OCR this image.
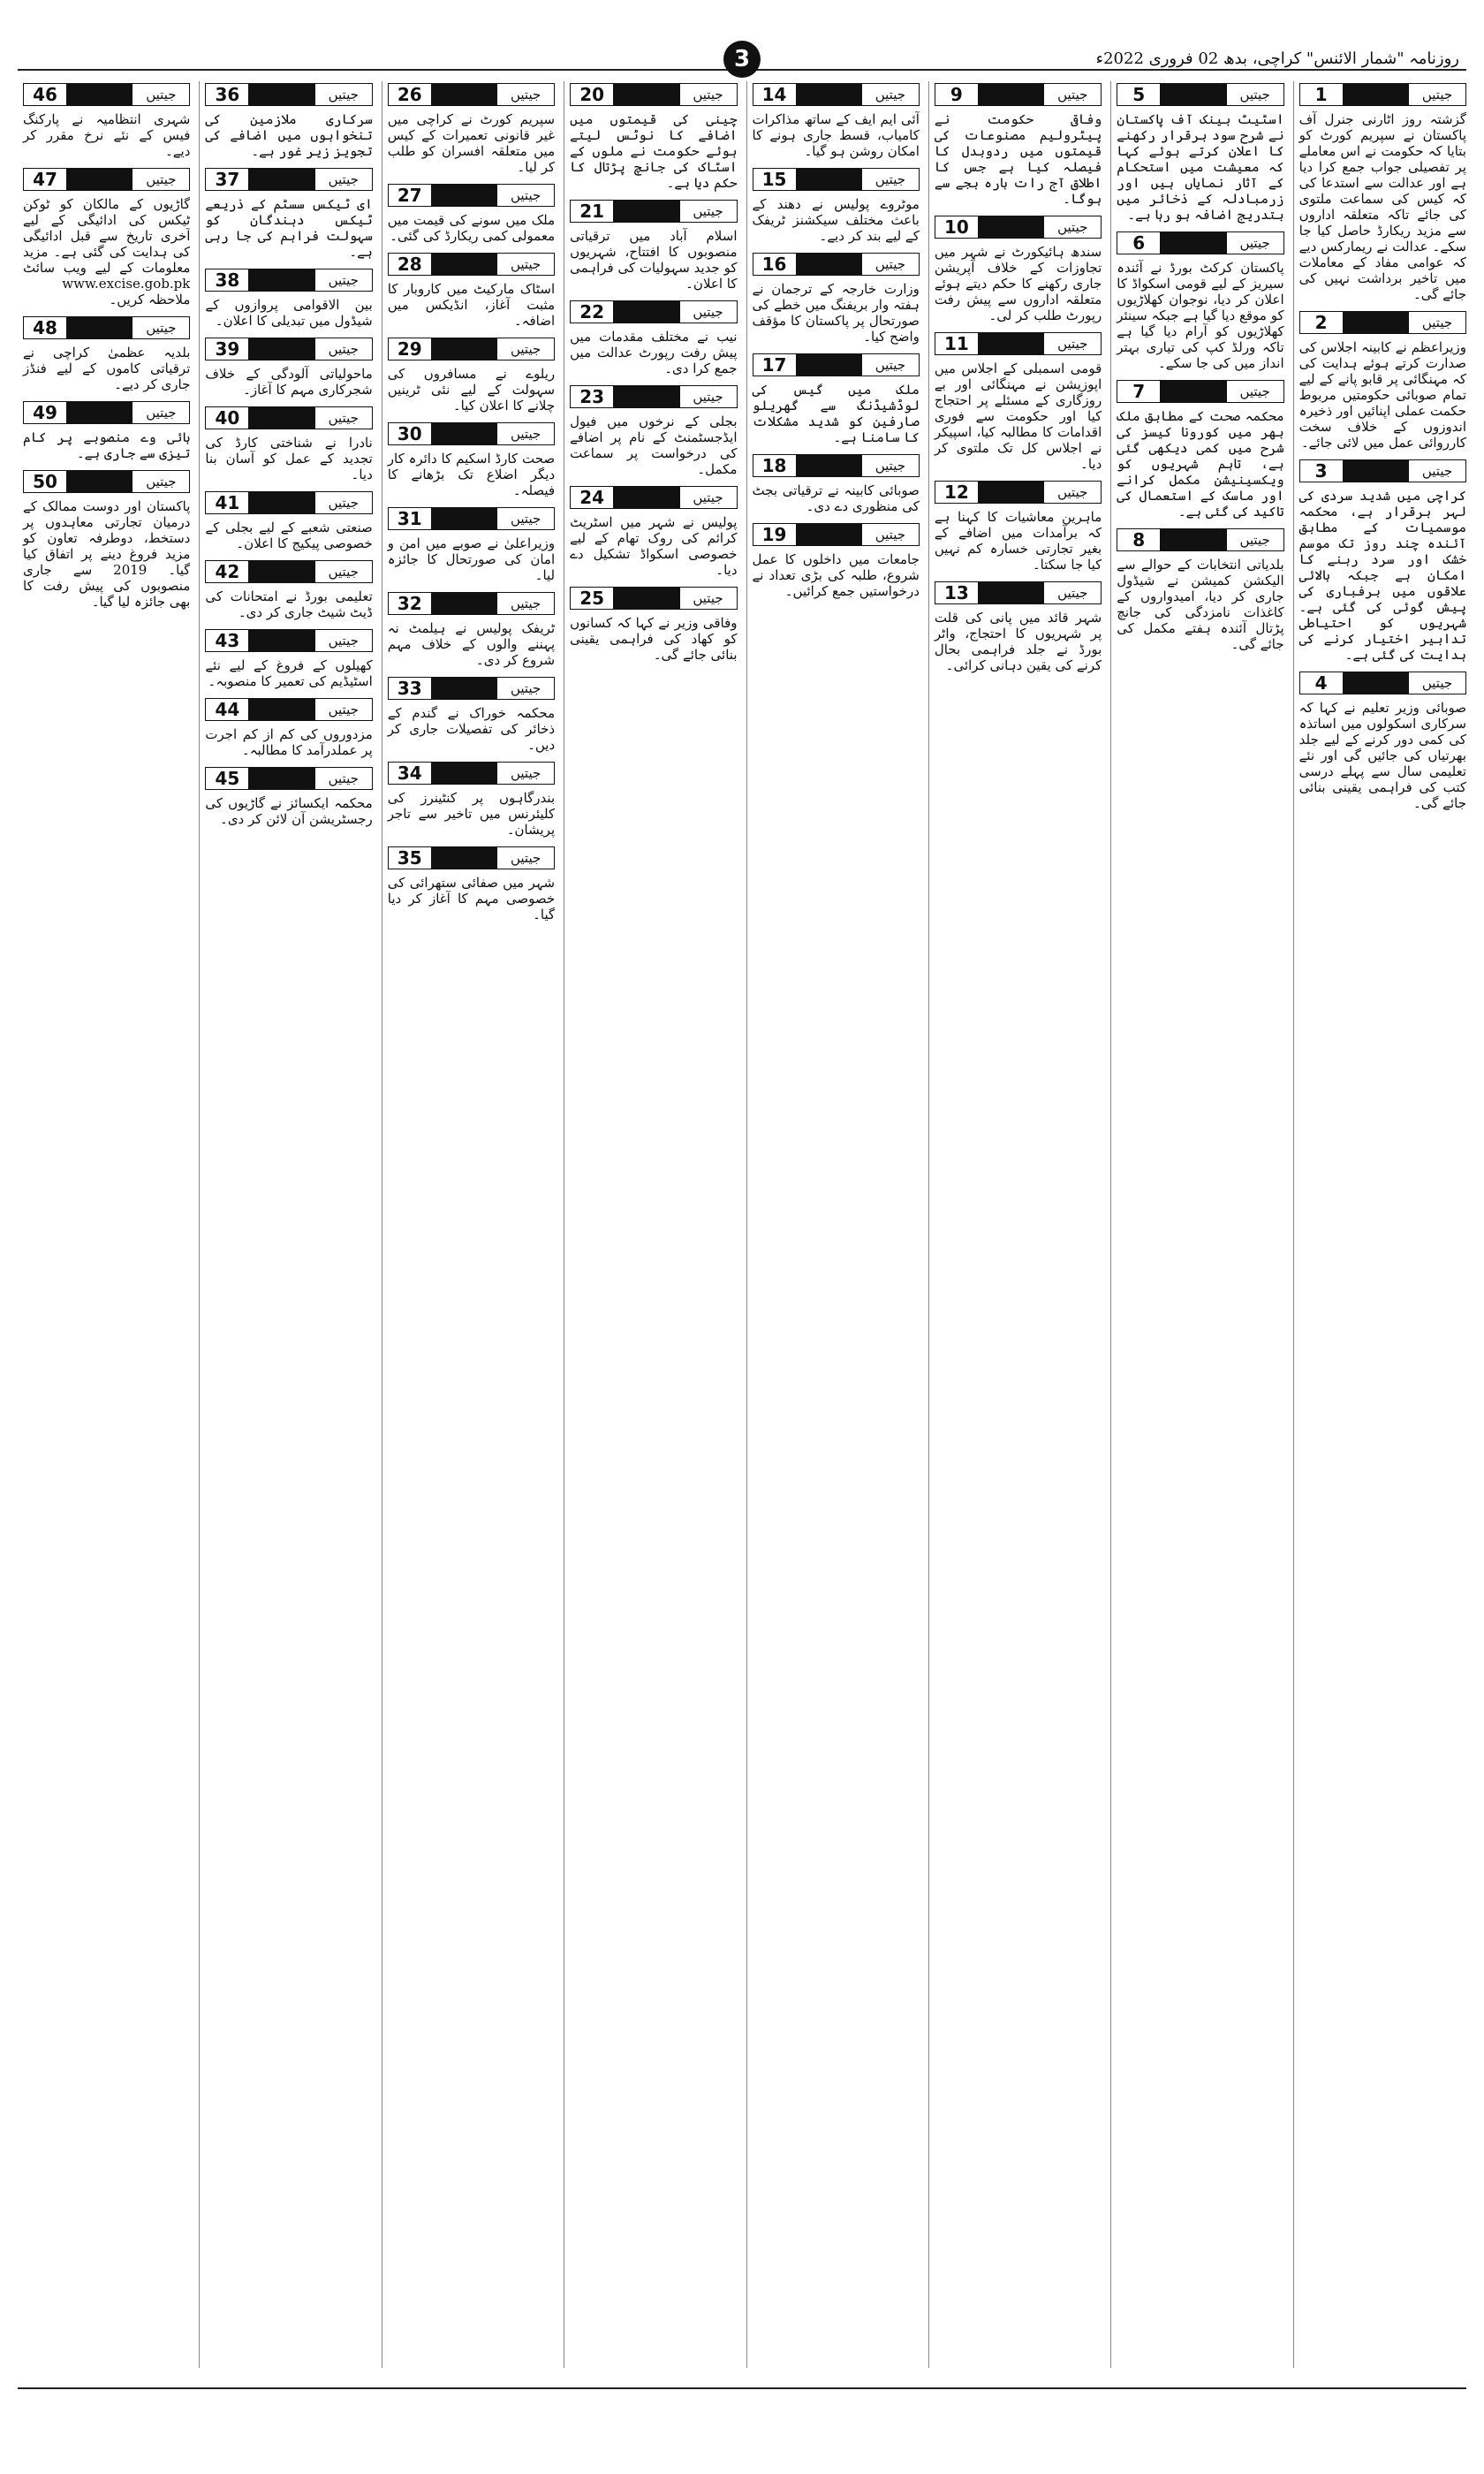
روزنامہ "شمار الائنس" کراچی، بدھ 02 فروری 2022ء
3
1	جیتیں

گزشتہ روز اٹارنی جنرل آف پاکستان نے سپریم کورٹ کو بتایا کہ حکومت نے اس معاملے پر تفصیلی جواب جمع کرا دیا ہے اور عدالت سے استدعا کی کہ کیس کی سماعت ملتوی کی جائے تاکہ متعلقہ اداروں سے مزید ریکارڈ حاصل کیا جا سکے۔ عدالت نے ریمارکس دیے کہ عوامی مفاد کے معاملات میں تاخیر برداشت نہیں کی جائے گی۔

2	جیتیں

وزیراعظم نے کابینہ اجلاس کی صدارت کرتے ہوئے ہدایت کی کہ مہنگائی پر قابو پانے کے لیے تمام صوبائی حکومتیں مربوط حکمت عملی اپنائیں اور ذخیرہ اندوزوں کے خلاف سخت کارروائی عمل میں لائی جائے۔

3	جیتیں

کراچی میں شدید سردی کی لہر برقرار ہے، محکمہ موسمیات کے مطابق آئندہ چند روز تک موسم خشک اور سرد رہنے کا امکان ہے جبکہ بالائی علاقوں میں برفباری کی پیش گوئی کی گئی ہے۔ شہریوں کو احتیاطی تدابیر اختیار کرنے کی ہدایت کی گئی ہے۔

4	جیتیں

صوبائی وزیر تعلیم نے کہا کہ سرکاری اسکولوں میں اساتذہ کی کمی دور کرنے کے لیے جلد بھرتیاں کی جائیں گی اور نئے تعلیمی سال سے پہلے درسی کتب کی فراہمی یقینی بنائی جائے گی۔

5	جیتیں

اسٹیٹ بینک آف پاکستان نے شرح سود برقرار رکھنے کا اعلان کرتے ہوئے کہا کہ معیشت میں استحکام کے آثار نمایاں ہیں اور زرمبادلہ کے ذخائر میں بتدریج اضافہ ہو رہا ہے۔

6	جیتیں

پاکستان کرکٹ بورڈ نے آئندہ سیریز کے لیے قومی اسکواڈ کا اعلان کر دیا، نوجوان کھلاڑیوں کو موقع دیا گیا ہے جبکہ سینئر کھلاڑیوں کو آرام دیا گیا ہے تاکہ ورلڈ کپ کی تیاری بہتر انداز میں کی جا سکے۔

7	جیتیں

محکمہ صحت کے مطابق ملک بھر میں کورونا کیسز کی شرح میں کمی دیکھی گئی ہے، تاہم شہریوں کو ویکسینیشن مکمل کرانے اور ماسک کے استعمال کی تاکید کی گئی ہے۔

8	جیتیں

بلدیاتی انتخابات کے حوالے سے الیکشن کمیشن نے شیڈول جاری کر دیا، امیدواروں کے کاغذات نامزدگی کی جانچ پڑتال آئندہ ہفتے مکمل کی جائے گی۔

9	جیتیں

وفاقی حکومت نے پیٹرولیم مصنوعات کی قیمتوں میں ردوبدل کا فیصلہ کیا ہے جس کا اطلاق آج رات بارہ بجے سے ہوگا۔

10	جیتیں

سندھ ہائیکورٹ نے شہر میں تجاوزات کے خلاف آپریشن جاری رکھنے کا حکم دیتے ہوئے متعلقہ اداروں سے پیش رفت رپورٹ طلب کر لی۔

11	جیتیں

قومی اسمبلی کے اجلاس میں اپوزیشن نے مہنگائی اور بے روزگاری کے مسئلے پر احتجاج کیا اور حکومت سے فوری اقدامات کا مطالبہ کیا، اسپیکر نے اجلاس کل تک ملتوی کر دیا۔

12	جیتیں

ماہرین معاشیات کا کہنا ہے کہ برآمدات میں اضافے کے بغیر تجارتی خسارہ کم نہیں کیا جا سکتا۔

13	جیتیں

شہر قائد میں پانی کی قلت پر شہریوں کا احتجاج، واٹر بورڈ نے جلد فراہمی بحال کرنے کی یقین دہانی کرائی۔

14	جیتیں

آئی ایم ایف کے ساتھ مذاکرات کامیاب، قسط جاری ہونے کا امکان روشن ہو گیا۔

15	جیتیں

موٹروے پولیس نے دھند کے باعث مختلف سیکشنز ٹریفک کے لیے بند کر دیے۔

16	جیتیں

وزارت خارجہ کے ترجمان نے ہفتہ وار بریفنگ میں خطے کی صورتحال پر پاکستان کا مؤقف واضح کیا۔

17	جیتیں

ملک میں گیس کی لوڈشیڈنگ سے گھریلو صارفین کو شدید مشکلات کا سامنا ہے۔

18	جیتیں

صوبائی کابینہ نے ترقیاتی بجٹ کی منظوری دے دی۔

19	جیتیں

جامعات میں داخلوں کا عمل شروع، طلبہ کی بڑی تعداد نے درخواستیں جمع کرائیں۔

20	جیتیں

چینی کی قیمتوں میں اضافے کا نوٹس لیتے ہوئے حکومت نے ملوں کے اسٹاک کی جانچ پڑتال کا حکم دیا ہے۔

21	جیتیں

اسلام آباد میں ترقیاتی منصوبوں کا افتتاح، شہریوں کو جدید سہولیات کی فراہمی کا اعلان۔

22	جیتیں

نیب نے مختلف مقدمات میں پیش رفت رپورٹ عدالت میں جمع کرا دی۔

23	جیتیں

بجلی کے نرخوں میں فیول ایڈجسٹمنٹ کے نام پر اضافے کی درخواست پر سماعت مکمل۔

24	جیتیں

پولیس نے شہر میں اسٹریٹ کرائم کی روک تھام کے لیے خصوصی اسکواڈ تشکیل دے دیا۔

25	جیتیں

وفاقی وزیر نے کہا کہ کسانوں کو کھاد کی فراہمی یقینی بنائی جائے گی۔

26	جیتیں

سپریم کورٹ نے کراچی میں غیر قانونی تعمیرات کے کیس میں متعلقہ افسران کو طلب کر لیا۔

27	جیتیں

ملک میں سونے کی قیمت میں معمولی کمی ریکارڈ کی گئی۔

28	جیتیں

اسٹاک مارکیٹ میں کاروبار کا مثبت آغاز، انڈیکس میں اضافہ۔

29	جیتیں

ریلوے نے مسافروں کی سہولت کے لیے نئی ٹرینیں چلانے کا اعلان کیا۔

30	جیتیں

صحت کارڈ اسکیم کا دائرہ کار دیگر اضلاع تک بڑھانے کا فیصلہ۔

31	جیتیں

وزیراعلیٰ نے صوبے میں امن و امان کی صورتحال کا جائزہ لیا۔

32	جیتیں

ٹریفک پولیس نے ہیلمٹ نہ پہننے والوں کے خلاف مہم شروع کر دی۔

33	جیتیں

محکمہ خوراک نے گندم کے ذخائر کی تفصیلات جاری کر دیں۔

34	جیتیں

بندرگاہوں پر کنٹینرز کی کلیئرنس میں تاخیر سے تاجر پریشان۔

35	جیتیں

شہر میں صفائی ستھرائی کی خصوصی مہم کا آغاز کر دیا گیا۔

36	جیتیں

سرکاری ملازمین کی تنخواہوں میں اضافے کی تجویز زیر غور ہے۔

37	جیتیں

ای ٹیکس سسٹم کے ذریعے ٹیکس دہندگان کو سہولت فراہم کی جا رہی ہے۔

38	جیتیں

بین الاقوامی پروازوں کے شیڈول میں تبدیلی کا اعلان۔

39	جیتیں

ماحولیاتی آلودگی کے خلاف شجرکاری مہم کا آغاز۔

40	جیتیں

نادرا نے شناختی کارڈ کی تجدید کے عمل کو آسان بنا دیا۔

41	جیتیں

صنعتی شعبے کے لیے بجلی کے خصوصی پیکیج کا اعلان۔

42	جیتیں

تعلیمی بورڈ نے امتحانات کی ڈیٹ شیٹ جاری کر دی۔

43	جیتیں

کھیلوں کے فروغ کے لیے نئے اسٹیڈیم کی تعمیر کا منصوبہ۔

44	جیتیں

مزدوروں کی کم از کم اجرت پر عملدرآمد کا مطالبہ۔

45	جیتیں

محکمہ ایکسائز نے گاڑیوں کی رجسٹریشن آن لائن کر دی۔

46	جیتیں

شہری انتظامیہ نے پارکنگ فیس کے نئے نرخ مقرر کر دیے۔

47	جیتیں

گاڑیوں کے مالکان کو ٹوکن ٹیکس کی ادائیگی کے لیے آخری تاریخ سے قبل ادائیگی کی ہدایت کی گئی ہے۔ مزید معلومات کے لیے ویب سائٹ www.excise.gob.pk ملاحظہ کریں۔

48	جیتیں

بلدیہ عظمیٰ کراچی نے ترقیاتی کاموں کے لیے فنڈز جاری کر دیے۔

49	جیتیں

ہائی وے منصوبے پر کام تیزی سے جاری ہے۔

50	جیتیں

پاکستان اور دوست ممالک کے درمیان تجارتی معاہدوں پر دستخط، دوطرفہ تعاون کو مزید فروغ دینے پر اتفاق کیا گیا۔ 2019 سے جاری منصوبوں کی پیش رفت کا بھی جائزہ لیا گیا۔
